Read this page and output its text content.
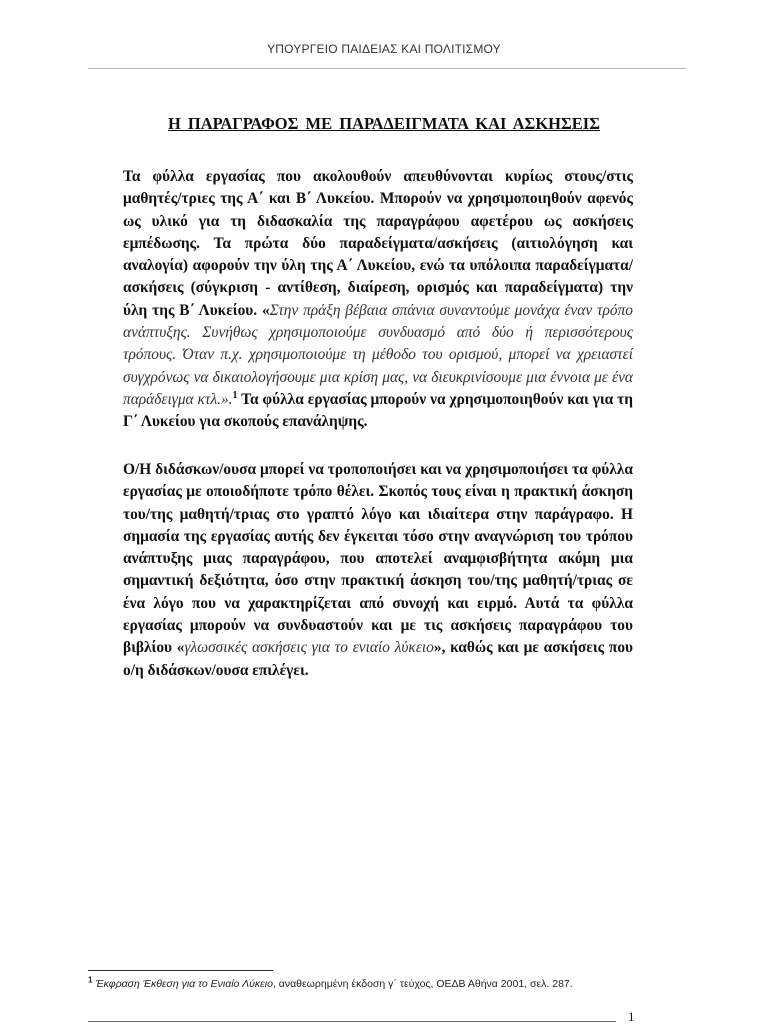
ΥΠΟΥΡΓΕΙΟ ΠΑΙΔΕΙΑΣ ΚΑΙ ΠΟΛΙΤΙΣΜΟΥ
Η ΠΑΡΑΓΡΑΦΟΣ ΜΕ ΠΑΡΑΔΕΙΓΜΑΤΑ ΚΑΙ ΑΣΚΗΣΕΙΣ
Τα φύλλα εργασίας που ακολουθούν απευθύνονται κυρίως στους/στις μαθητές/τριες της Α΄ και Β΄ Λυκείου. Μπορούν να χρησιμοποιηθούν αφενός ως υλικό για τη διδασκαλία της παραγράφου αφετέρου ως ασκήσεις εμπέδωσης. Τα πρώτα δύο παραδείγματα/ασκήσεις (αιτιολόγηση και αναλογία) αφορούν την ύλη της Α΄ Λυκείου, ενώ τα υπόλοιπα παραδείγματα/ασκήσεις (σύγκριση - αντίθεση, διαίρεση, ορισμός και παραδείγματα) την ύλη της Β΄ Λυκείου. «Στην πράξη βέβαια σπάνια συναντούμε μονάχα έναν τρόπο ανάπτυξης. Συνήθως χρησιμοποιούμε συνδυασμό από δύο ή περισσότερους τρόπους. Όταν π.χ. χρησιμοποιούμε τη μέθοδο του ορισμού, μπορεί να χρειαστεί συγχρόνως να δικαιολογήσουμε μια κρίση μας, να διευκρινίσουμε μια έννοια με ένα παράδειγμα κτλ.».$^1$ Τα φύλλα εργασίας μπορούν να χρησιμοποιηθούν και για τη Γ΄ Λυκείου για σκοπούς επανάληψης.
Ο/Η διδάσκων/ουσα μπορεί να τροποποιήσει και να χρησιμοποιήσει τα φύλλα εργασίας με οποιοδήποτε τρόπο θέλει. Σκοπός τους είναι η πρακτική άσκηση του/της μαθητή/τριας στο γραπτό λόγο και ιδιαίτερα στην παράγραφο. Η σημασία της εργασίας αυτής δεν έγκειται τόσο στην αναγνώριση του τρόπου ανάπτυξης μιας παραγράφου, που αποτελεί αναμφισβήτητα ακόμη μια σημαντική δεξιότητα, όσο στην πρακτική άσκηση του/της μαθητή/τριας σε ένα λόγο που να χαρακτηρίζεται από συνοχή και ειρμό. Αυτά τα φύλλα εργασίας μπορούν να συνδυαστούν και με τις ασκήσεις παραγράφου του βιβλίου «γλωσσικές ασκήσεις για το ενιαίο λύκειο», καθώς και με ασκήσεις που ο/η διδάσκων/ουσα επιλέγει.
$^1$ Έκφραση Έκθεση για το Ενιαίο Λύκειο, αναθεωρημένη έκδοση γ΄ τεύχος, ΟΕΔΒ Αθήνα 2001, σελ. 287.
1
